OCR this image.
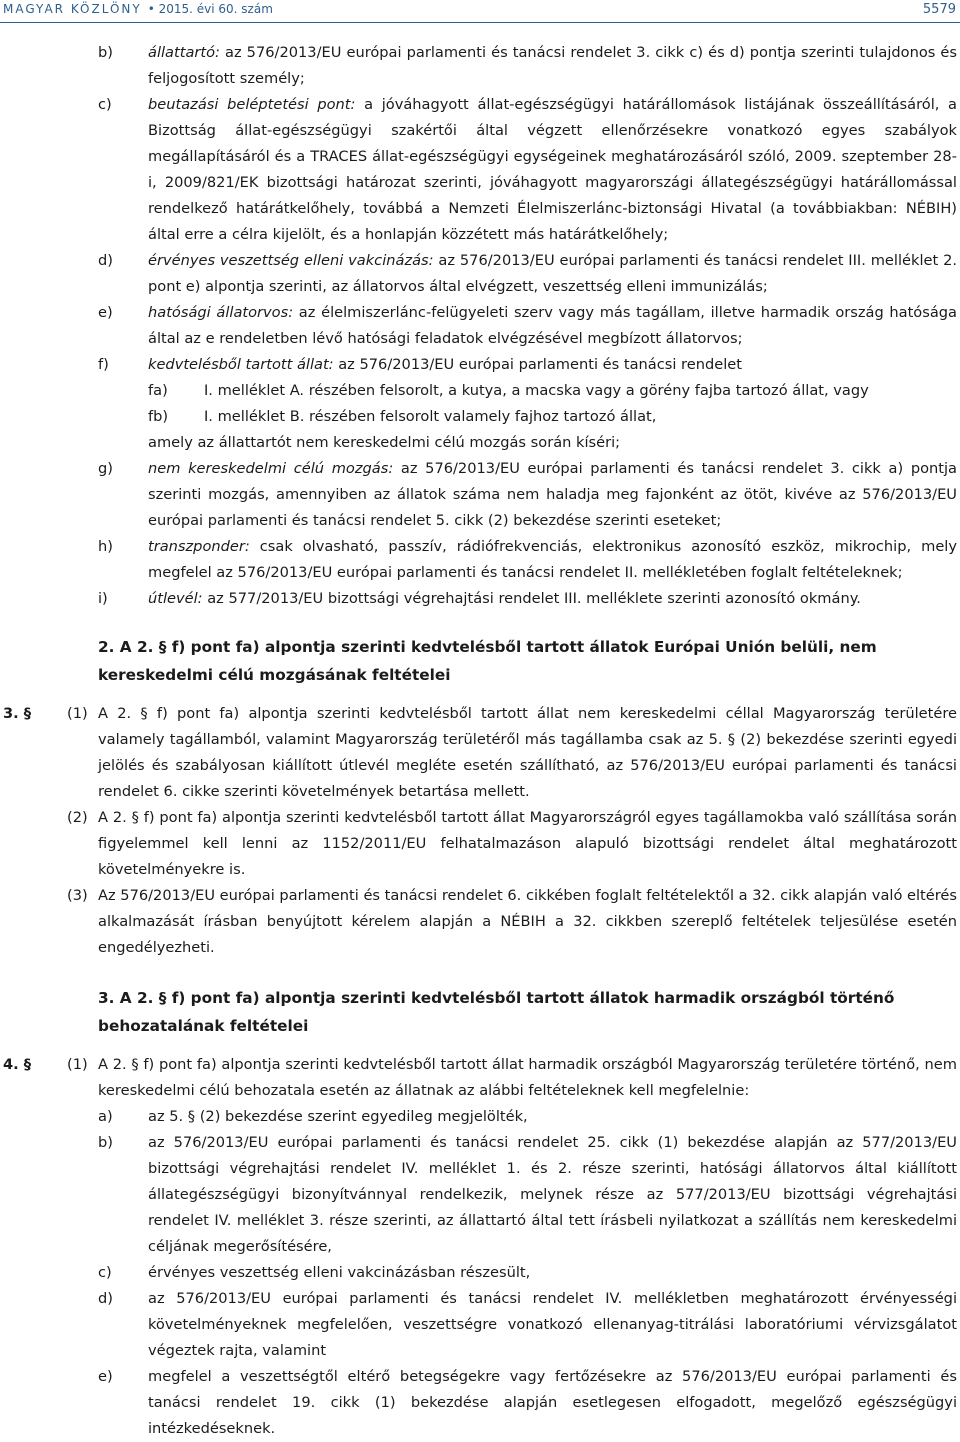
MAGYAR KÖZLÖNY • 2015. évi 60. szám	5579
b) állattartó: az 576/2013/EU európai parlamenti és tanácsi rendelet 3. cikk c) és d) pontja szerinti tulajdonos és feljogosított személy;
c) beutazási beléptetési pont: a jóváhagyott állat-egészségügyi határállomások listájának összeállításáról, a Bizottság állat-egészségügyi szakértői által végzett ellenőrzésekre vonatkozó egyes szabályok megállapításáról és a TRACES állat-egészségügyi egységeinek meghatározásáról szóló, 2009. szeptember 28-i, 2009/821/EK bizottsági határozat szerinti, jóváhagyott magyarországi állategészségügyi határállomással rendelkező határátkelőhely, továbbá a Nemzeti Élelmiszerlánc-biztonsági Hivatal (a továbbiakban: NÉBIH) által erre a célra kijelölt, és a honlapján közzétett más határátkelőhely;
d) érvényes veszettség elleni vakcinázás: az 576/2013/EU európai parlamenti és tanácsi rendelet III. melléklet 2. pont e) alpontja szerinti, az állatorvos által elvégzett, veszettség elleni immunizálás;
e) hatósági állatorvos: az élelmiszerlánc-felügyeleti szerv vagy más tagállam, illetve harmadik ország hatósága által az e rendeletben lévő hatósági feladatok elvégzésével megbízott állatorvos;
f)	kedvtelésből tartott állat: az 576/2013/EU európai parlamenti és tanácsi rendelet
fa) I. melléklet A. részében felsorolt, a kutya, a macska vagy a görény fajba tartozó állat, vagy
fb) I. melléklet B. részében felsorolt valamely fajhoz tartozó állat,
amely az állattartót nem kereskedelmi célú mozgás során kíséri;
g) nem kereskedelmi célú mozgás: az 576/2013/EU európai parlamenti és tanácsi rendelet 3. cikk a) pontja szerinti mozgás, amennyiben az állatok száma nem haladja meg fajonként az ötöt, kivéve az 576/2013/EU európai parlamenti és tanácsi rendelet 5. cikk (2) bekezdése szerinti eseteket;
h) transzponder: csak olvasható, passzív, rádiófrekvenciás, elektronikus azonosító eszköz, mikrochip, mely megfelel az 576/2013/EU európai parlamenti és tanácsi rendelet II. mellékletében foglalt feltételeknek;
i)	útlevél: az 577/2013/EU bizottsági végrehajtási rendelet III. melléklete szerinti azonosító okmány.
2. A 2. § f) pont fa) alpontja szerinti kedvtelésből tartott állatok Európai Unión belüli, nem kereskedelmi célú mozgásának feltételei
3. § (1) A 2. § f) pont fa) alpontja szerinti kedvtelésből tartott állat nem kereskedelmi céllal Magyarország területére valamely tagállamból, valamint Magyarország területéről más tagállamba csak az 5. § (2) bekezdése szerinti egyedi jelölés és szabályosan kiállított útlevél megléte esetén szállítható, az 576/2013/EU európai parlamenti és tanácsi rendelet 6. cikke szerinti követelmények betartása mellett.
(2) A 2. § f) pont fa) alpontja szerinti kedvtelésből tartott állat Magyarországról egyes tagállamokba való szállítása során figyelemmel kell lenni az 1152/2011/EU felhatalmazáson alapuló bizottsági rendelet által meghatározott követelményekre is.
(3) Az 576/2013/EU európai parlamenti és tanácsi rendelet 6. cikkében foglalt feltételektől a 32. cikk alapján való eltérés alkalmazását írásban benyújtott kérelem alapján a NÉBIH a 32. cikkben szereplő feltételek teljesülése esetén engedélyezheti.
3. A 2. § f) pont fa) alpontja szerinti kedvtelésből tartott állatok harmadik országból történő behozatalának feltételei
4. § (1) A 2. § f) pont fa) alpontja szerinti kedvtelésből tartott állat harmadik országból Magyarország területére történő, nem kereskedelmi célú behozatala esetén az állatnak az alábbi feltételeknek kell megfelelnie:
a) az 5. § (2) bekezdése szerint egyedileg megjelölték,
b) az 576/2013/EU európai parlamenti és tanácsi rendelet 25. cikk (1) bekezdése alapján az 577/2013/EU bizottsági végrehajtási rendelet IV. melléklet 1. és 2. része szerinti, hatósági állatorvos által kiállított állategészségügyi bizonyítvánnyal rendelkezik, melynek része az 577/2013/EU bizottsági végrehajtási rendelet IV. melléklet 3. része szerinti, az állattartó által tett írásbeli nyilatkozat a szállítás nem kereskedelmi céljának megerősítésére,
c) érvényes veszettség elleni vakcinázásban részesült,
d) az 576/2013/EU európai parlamenti és tanácsi rendelet IV. mellékletben meghatározott érvényességi követelményeknek megfelelően, veszettségre vonatkozó ellenanyag-titrálási laboratóriumi vérvizsgálatot végeztek rajta, valamint
e) megfelel a veszettségtől eltérő betegségekre vagy fertőzésekre az 576/2013/EU európai parlamenti és tanácsi rendelet 19. cikk (1) bekezdése alapján esetlegesen elfogadott, megelőző egészségügyi intézkedéseknek.
